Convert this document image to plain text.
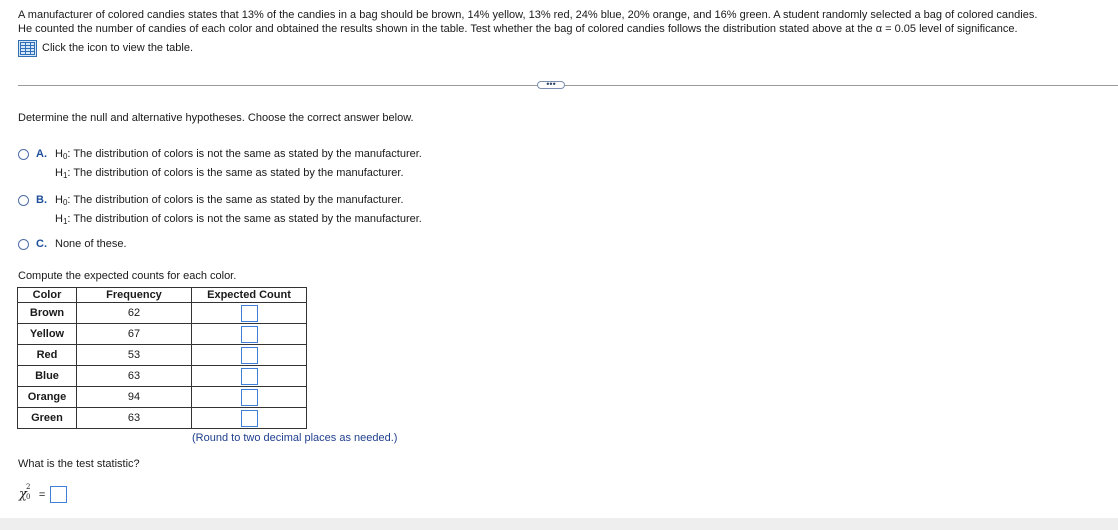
A manufacturer of colored candies states that 13% of the candies in a bag should be brown, 14% yellow, 13% red, 24% blue, 20% orange, and 16% green. A student randomly selected a bag of colored candies.

He counted the number of candies of each color and obtained the results shown in the table. Test whether the bag of colored candies follows the distribution stated above at the α = 0.05 level of significance.

Click the icon to view the table.
•••
Determine the null and alternative hypotheses. Choose the correct answer below.
A. $H_0$: The distribution of colors is not the same as stated by the manufacturer.
$H_1$: The distribution of colors is the same as stated by the manufacturer.
B. $H_0$: The distribution of colors is the same as stated by the manufacturer.
$H_1$: The distribution of colors is not the same as stated by the manufacturer.
C. None of these.
Compute the expected counts for each color.
Color	Frequency	Expected Count
Brown	62	
Yellow	67	
Red	53	
Blue	63	
Orange	94	
Green	63	
(Round to two decimal places as needed.)
What is the test statistic?
χ 2
0 =
